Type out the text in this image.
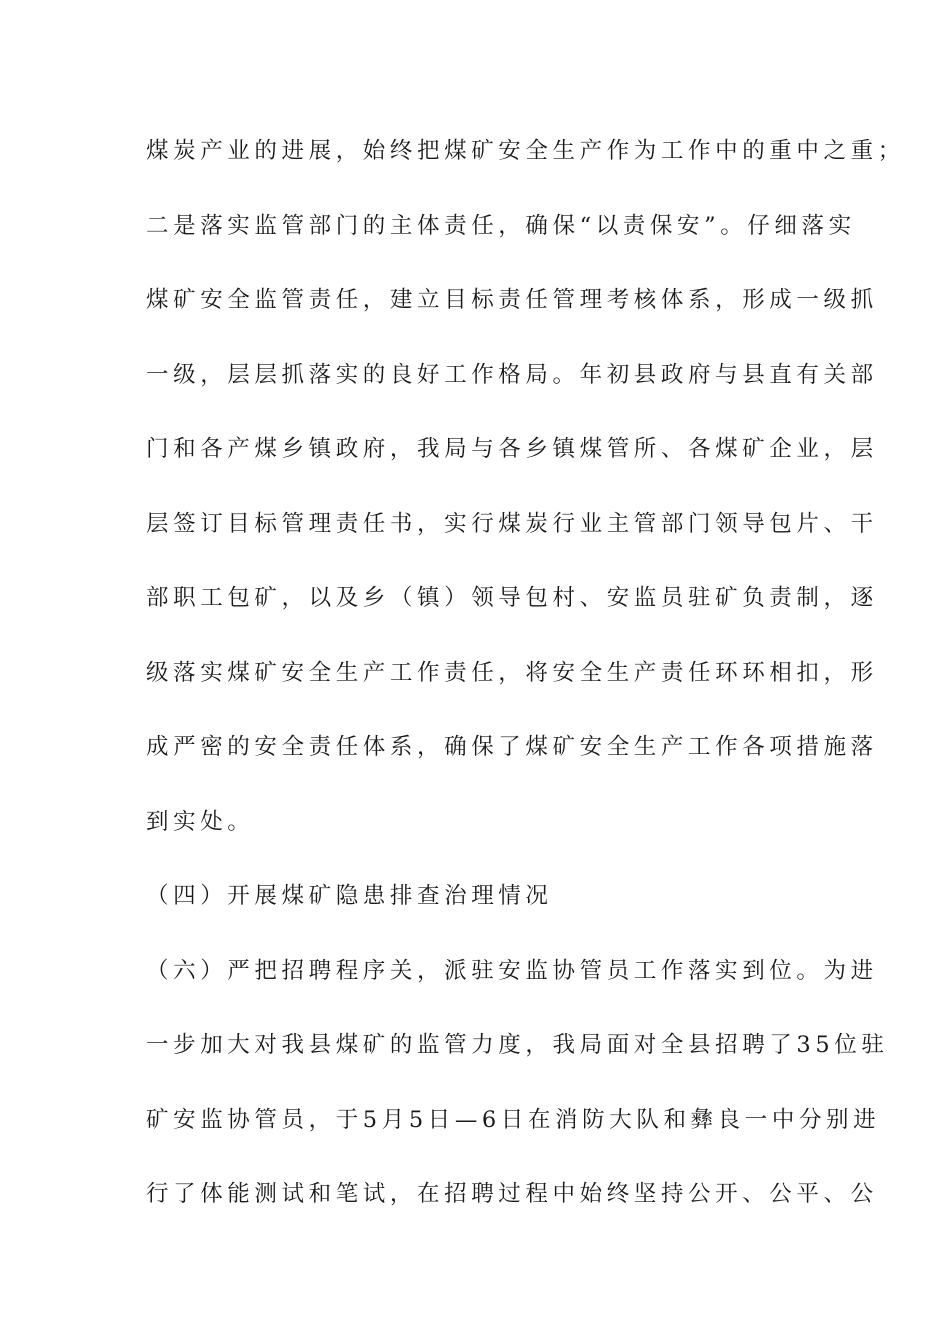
煤炭产业的进展，始终把煤矿安全生产作为工作中的重中之重；
二是落实监管部门的主体责任，确保“以责保安”。仔细落实
煤矿安全监管责任，建立目标责任管理考核体系，形成一级抓
一级，层层抓落实的良好工作格局。年初县政府与县直有关部
门和各产煤乡镇政府，我局与各乡镇煤管所、各煤矿企业，层
层签订目标管理责任书，实行煤炭行业主管部门领导包片、干
部职工包矿，以及乡（镇）领导包村、安监员驻矿负责制，逐
级落实煤矿安全生产工作责任，将安全生产责任环环相扣，形
成严密的安全责任体系，确保了煤矿安全生产工作各项措施落
到实处。
（四）开展煤矿隐患排查治理情况
（六）严把招聘程序关，派驻安监协管员工作落实到位。为进
一步加大对我县煤矿的监管力度，我局面对全县招聘了35位驻
矿安监协管员，于5月5日—6日在消防大队和彝良一中分别进
行了体能测试和笔试，在招聘过程中始终坚持公开、公平、公
